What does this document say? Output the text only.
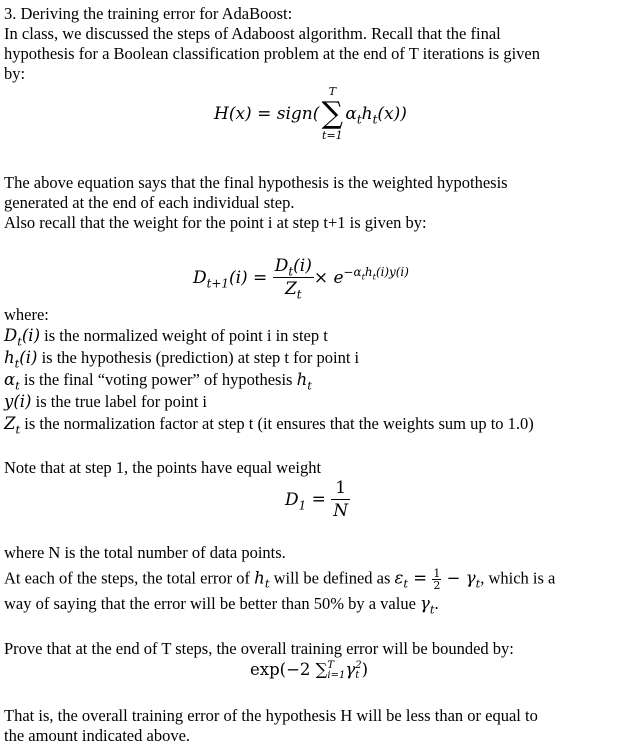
3. Deriving the training error for AdaBoost:
In class, we discussed the steps of Adaboost algorithm. Recall that the final
hypothesis for a Boolean classification problem at the end of T iterations is given
by:
H(x) = sign(
T
∑
t=1
$\alpha_th_t(x)$)
The above equation says that the final hypothesis is the weighted hypothesis
generated at the end of each individual step.
Also recall that the weight for the point i at step t+1 is given by:
$D_{t+1}(i) = \frac{D_t(i)}{Z_t} \times e^{-\alpha_th_t(i)y(i)}$
where:
$D_t(i)$ is the normalized weight of point i in step t
$h_t(i)$ is the hypothesis (prediction) at step t for point i
$\alpha_t$ is the final “voting power” of hypothesis $h_t$
y(i) is the true label for point i
$Z_t$ is the normalization factor at step t (it ensures that the weights sum up to 1.0)
Note that at step 1, the points have equal weight
$D_1 = \frac{1}{N}$
where N is the total number of data points.
At each of the steps, the total error of $h_t$ will be defined as $\varepsilon_t = \frac{1}{2} - \gamma_t$, which is a
way of saying that the error will be better than 50% by a value $\gamma_t$.
Prove that at the end of T steps, the overall training error will be bounded by:
exp(−2 ∑ T
i=1 γ 2
t )
That is, the overall training error of the hypothesis H will be less than or equal to
the amount indicated above.
